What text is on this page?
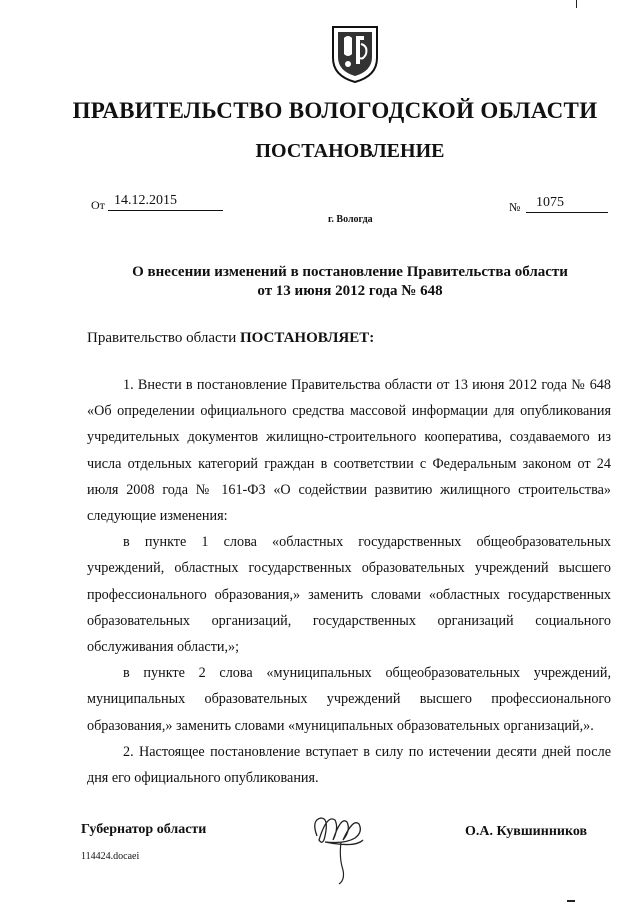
ПРАВИТЕЛЬСТВО ВОЛОГОДСКОЙ ОБЛАСТИ
ПОСТАНОВЛЕНИЕ
От 14.12.2015
г. Вологда
№	1075
О внесении изменений в постановление Правительства области
от 13 июня 2012 года № 648
Правительство области ПОСТАНОВЛЯЕТ:

1. Внести в постановление Правительства области от 13 июня 2012 года № 648 «Об определении официального средства массовой информации для опубликования учредительных документов жилищно-строительного кооператива, создаваемого из числа отдельных категорий граждан в соответствии с Федеральным законом от 24 июля 2008 года № 161-ФЗ «О содействии развитию жилищного строительства» следующие изменения:

в пункте 1 слова «областных государственных общеобразовательных учреждений, областных государственных образовательных учреждений высшего профессионального образования,» заменить словами «областных государственных образовательных организаций, государственных организаций социального обслуживания области,»;

в пункте 2 слова «муниципальных общеобразовательных учреждений, муниципальных образовательных учреждений высшего профессионального образования,» заменить словами «муниципальных образовательных организаций,».

2. Настоящее постановление вступает в силу по истечении десяти дней после дня его официального опубликования.

Губернатор области
114424.docaei
О.А. Кувшинников
